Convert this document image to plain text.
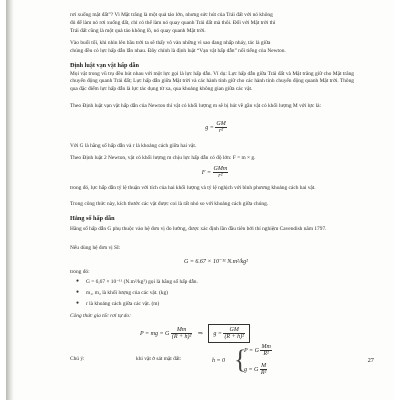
rơi xuống mặt đất”? Vì Mặt trăng là một quả táo lớn, nhưng sức hút của Trái đất với nó không

đủ để làm nó rơi xuống đất, chỉ có thể làm nó quay quanh Trái đất mà thôi. Đối với Mặt trời thì

Trái đất cũng là một quả táo không lồ, nó quay quanh Mặt trời.

Vào buổi tối, khi nhìn lên bầu trời ta sẽ thấy vô vàn những vì sao đang nhấp nháy, tác là giữa

chúng đều có lực hấp dẫn lẫn nhau. Đây chính là định luật “Vạn vật hấp dẫn” nổi tiếng của Newton.

Định luật vạn vật hấp dẫn

Mọi vật trong vũ trụ đều hút nhau với một lực gọi là lực hấp dẫn. Ví dụ: Lực hấp dẫn giữa Trái đất và Mặt trăng giữ cho Mặt trăng chuyển động quanh Trái đất; Lực hấp dẫn giữa Mặt trời và các hành tinh giữ cho các hành tinh chuyển động quanh Mặt trời. Thông qua đặc điểm lực hấp dẫn là lực tác dụng từ xa, qua khoảng không gian giữa các vật.

Theo Định luật vạn vật hấp dẫn của Newton thì vật có khối lượng m sẽ bị hút về gần vật có khối lượng M với lực là:

$g = \frac{GM}{\text{r²}}$

Với G là hằng số hấp dẫn và r là khoảng cách giữa hai vật.

Theo Định luật 2 Newton, vật có khối lượng m chịu lực hấp dẫn có độ lớn: F = m × g.

$F = \frac{\text{GMm}}{\text{r²}}$

trong đó, lực hấp dẫn tỷ lệ thuận với tích của hai khối lượng và tỷ lệ nghịch với bình phương khoảng cách hai vật.

Trong công thức này, kích thước các vật được coi là rất nhỏ so với khoảng cách giữa chúng.

Hằng số hấp dẫn

Hằng số hấp dẫn G phụ thuộc vào hệ đơn vị đo lường, được xác định lần đầu tiên bởi thí nghiệm Cavendish năm 1797.

Nếu dùng hệ đơn vị SI:

G = 6.67 × 10⁻¹¹ N.m²/kg²

trong đó:

● G = 6,67 × 10⁻¹¹ (N.m²/kg²) gọi là hằng số hấp dẫn.

● m₁, m₂ là khối lượng của các vật. (kg)

● r là khoảng cách giữa các vật. (m)

Công thức gia tốc rơi tự do:

P = mg = G $\frac{Mm}{\text{(R + h)²}}$ ⇒ $g = \frac{GM}{\text{(R + h)²}}$

Chú ý:	khi vật ở sát mặt đất:	h = 0 {
P = G $\frac{Mm}{\text{R²}}$
g = G $\frac{M}{\text{R²}}$
27
